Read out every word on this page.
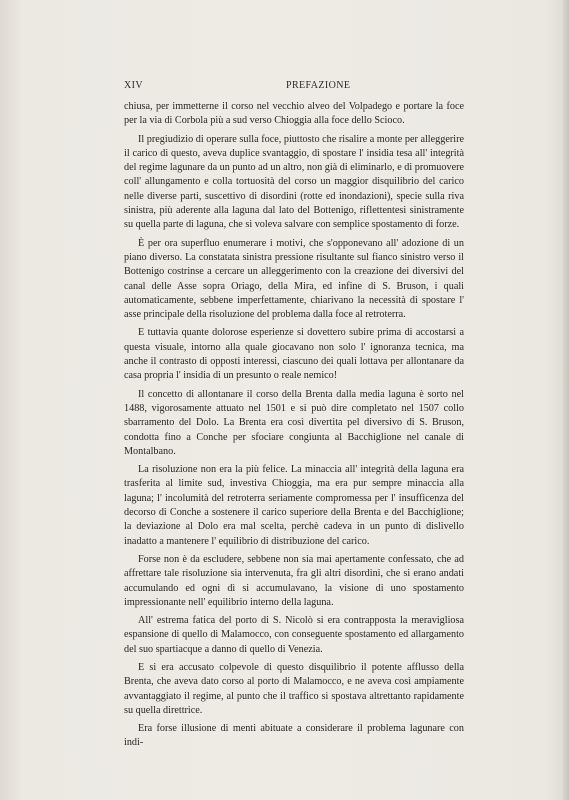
XIV	PREFAZIONE

chiusa, per immetterne il corso nel vecchio alveo del Volpadego e portare la foce per la via di Corbola più a sud verso Chioggia alla foce dello Scioco.

Il pregiudizio di operare sulla foce, piuttosto che risalire a monte per alleggerire il carico di questo, aveva duplice svantaggio, di spostare l' insidia tesa all' integrità del regime lagunare da un punto ad un altro, non già di eliminarlo, e di promuovere coll' allungamento e colla tortuosità del corso un maggior disquilibrio del carico nelle diverse parti, suscettivo di disordini (rotte ed inondazioni), specie sulla riva sinistra, più aderente alla laguna dal lato del Bottenigo, riflettentesi sinistramente su quella parte di laguna, che si voleva salvare con semplice spostamento di forze.

È per ora superfluo enumerare i motivi, che s'opponevano all' adozione di un piano diverso. La constatata sinistra pressione risultante sul fianco sinistro verso il Bottenigo costrinse a cercare un alleggerimento con la creazione dei diversivi del canal delle Asse sopra Oriago, della Mira, ed infine di S. Bruson, i quali automaticamente, sebbene imperfettamente, chiarivano la necessità di spostare l' asse principale della risoluzione del problema dalla foce al retroterra.

E tuttavia quante dolorose esperienze si dovettero subire prima di accostarsi a questa visuale, intorno alla quale giocavano non solo l' ignoranza tecnica, ma anche il contrasto di opposti interessi, ciascuno dei quali lottava per allontanare da casa propria l' insidia di un presunto o reale nemico!

Il concetto di allontanare il corso della Brenta dalla media laguna è sorto nel 1488, vigorosamente attuato nel 1501 e si può dire completato nel 1507 collo sbarramento del Dolo. La Brenta era così divertita pel diversivo di S. Bruson, condotta fino a Conche per sfociare congiunta al Bacchiglione nel canale di Montalbano.

La risoluzione non era la più felice. La minaccia all' integrità della laguna era trasferita al limite sud, investiva Chioggia, ma era pur sempre minaccia alla laguna; l' incolumità del retroterra seriamente compromessa per l' insufficenza del decorso di Conche a sostenere il carico superiore della Brenta e del Bacchiglione; la deviazione al Dolo era mal scelta, perchè cadeva in un punto di dislivello inadatto a mantenere l' equilibrio di distribuzione del carico.

Forse non è da escludere, sebbene non sia mai apertamente confessato, che ad affrettare tale risoluzione sia intervenuta, fra gli altri disordini, che si erano andati accumulando ed ogni dì si accumulavano, la visione di uno spostamento impressionante nell' equilibrio interno della laguna.

All' estrema fatica del porto di S. Nicolò si era contrapposta la meravigliosa espansione di quello di Malamocco, con conseguente spostamento ed allargamento del suo spartiacque a danno di quello di Venezia.

E si era accusato colpevole di questo disquilibrio il potente afflusso della Brenta, che aveva dato corso al porto di Malamocco, e ne aveva così ampiamente avvantaggiato il regime, al punto che il traffico si spostava altrettanto rapidamente su quella direttrice.

Era forse illusione di menti abituate a considerare il problema lagunare con indi-
